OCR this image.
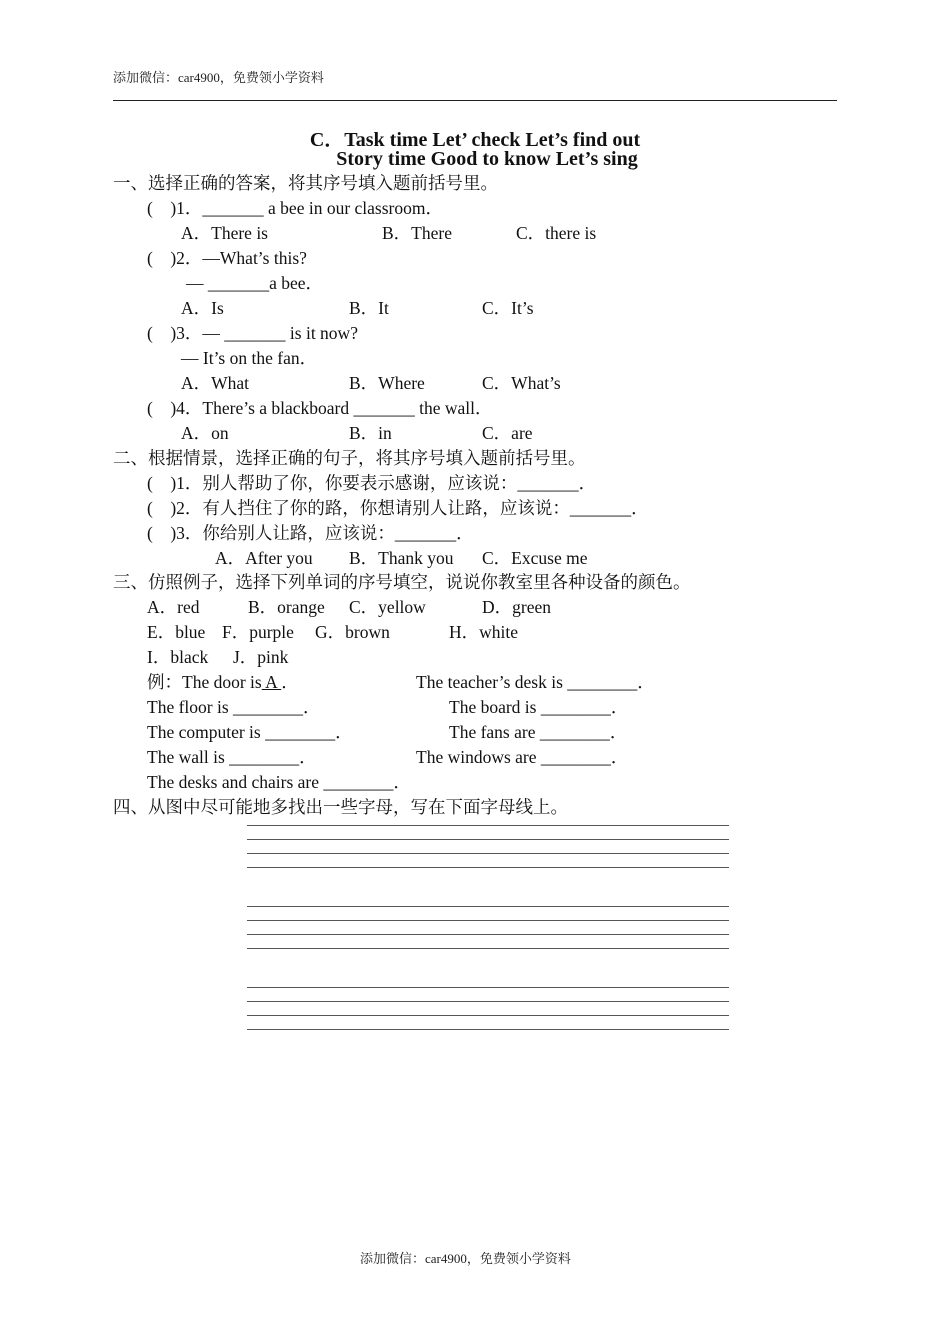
添加微信：car4900，免费领小学资料
C．Task time Let’ check Let’s find out
Story time Good to know Let’s sing
一、选择正确的答案，将其序号填入题前括号里。
(    )1．_______ a bee in our classroom．
A．There is	B．There	C．there is
(    )2．—What’s this?
— _______a bee．
A．Is	B．It	C．It’s
(    )3．— _______ is it now?
— It’s on the fan．
A．What	B．Where	C．What’s
(    )4．There’s a blackboard _______ the wall．
A．on	B．in	C．are
二、根据情景，选择正确的句子，将其序号填入题前括号里。
(    )1．别人帮助了你，你要表示感谢，应该说：_______．
(    )2．有人挡住了你的路，你想请别人让路，应该说：_______．
(    )3．你给别人让路，应该说：_______．
A．After you B．Thank you C．Excuse me
三、仿照例子，选择下列单词的序号填空，说说你教室里各种设备的颜色。
A．red	B．orange C．yellow	D．green
E．blue F．purple G．brown	H．white
I．black J．pink
例：The door is A ．	The teacher’s desk is ________．
The floor is ________．	The board is ________．
The computer is ________．	The fans are ________．
The wall is ________．	The windows are ________．
The desks and chairs are ________．
四、从图中尽可能地多找出一些字母，写在下面字母线上。
添加微信：car4900，免费领小学资料
